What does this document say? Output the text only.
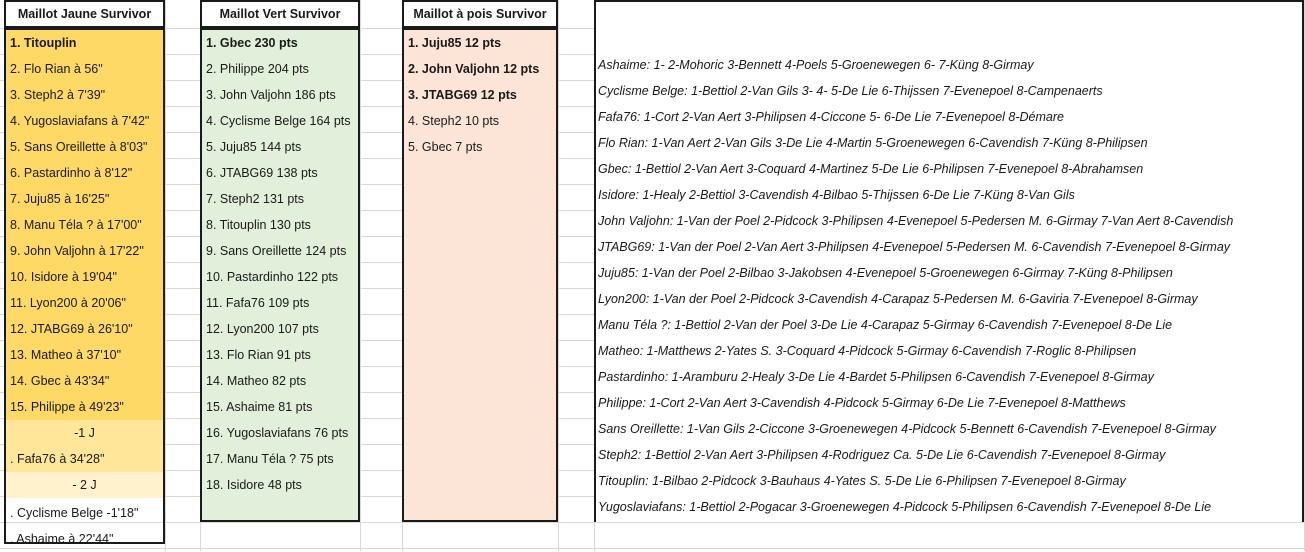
Maillot Jaune Survivor
1. Titouplin
2. Flo Rian à 56"
3. Steph2 à 7'39"
4. Yugoslaviafans à 7'42"
5. Sans Oreillette à 8'03"
6. Pastardinho à 8'12"
7. Juju85 à 16'25"
8. Manu Téla ? à 17'00"
9. John Valjohn à 17'22"
10. Isidore à 19'04"
11. Lyon200 à 20'06"
12. JTABG69 à 26'10"
13. Matheo à 37'10"
14. Gbec à 43'34"
15. Philippe à 49'23"
-1 J
. Fafa76 à 34'28"
- 2 J
. Cyclisme Belge -1'18"
. Ashaime à 22'44"
Maillot Vert Survivor
1. Gbec 230 pts
2. Philippe 204 pts
3. John Valjohn 186 pts
4. Cyclisme Belge 164 pts
5. Juju85 144 pts
6. JTABG69 138 pts
7. Steph2 131 pts
8. Titouplin 130 pts
9. Sans Oreillette 124 pts
10. Pastardinho 122 pts
11. Fafa76 109 pts
12. Lyon200 107 pts
13. Flo Rian 91 pts
14. Matheo 82 pts
15. Ashaime 81 pts
16. Yugoslaviafans 76 pts
17. Manu Téla ? 75 pts
18. Isidore 48 pts
Maillot à pois Survivor
1. Juju85 12 pts
2. John Valjohn 12 pts
3. JTABG69 12 pts
4. Steph2 10 pts
5. Gbec 7 pts
Ashaime: 1- 2-Mohoric 3-Bennett 4-Poels 5-Groenewegen 6- 7-Küng 8-Girmay
Cyclisme Belge: 1-Bettiol 2-Van Gils 3- 4- 5-De Lie 6-Thijssen 7-Evenepoel 8-Campenaerts
Fafa76: 1-Cort 2-Van Aert 3-Philipsen 4-Ciccone 5- 6-De Lie 7-Evenepoel 8-Démare
Flo Rian: 1-Van Aert 2-Van Gils 3-De Lie 4-Martin 5-Groenewegen 6-Cavendish 7-Küng 8-Philipsen
Gbec: 1-Bettiol 2-Van Aert 3-Coquard 4-Martinez 5-De Lie 6-Philipsen 7-Evenepoel 8-Abrahamsen
Isidore: 1-Healy 2-Bettiol 3-Cavendish 4-Bilbao 5-Thijssen 6-De Lie 7-Küng 8-Van Gils
John Valjohn: 1-Van der Poel 2-Pidcock 3-Philipsen 4-Evenepoel 5-Pedersen M. 6-Girmay 7-Van Aert 8-Cavendish
JTABG69: 1-Van der Poel 2-Van Aert 3-Philipsen 4-Evenepoel 5-Pedersen M. 6-Cavendish 7-Evenepoel 8-Girmay
Juju85: 1-Van der Poel 2-Bilbao 3-Jakobsen 4-Evenepoel 5-Groenewegen 6-Girmay 7-Küng 8-Philipsen
Lyon200: 1-Van der Poel 2-Pidcock 3-Cavendish 4-Carapaz 5-Pedersen M. 6-Gaviria 7-Evenepoel 8-Girmay
Manu Téla ?: 1-Bettiol 2-Van der Poel 3-De Lie 4-Carapaz 5-Girmay 6-Cavendish 7-Evenepoel 8-De Lie
Matheo: 1-Matthews 2-Yates S. 3-Coquard 4-Pidcock 5-Girmay 6-Cavendish 7-Roglic 8-Philipsen
Pastardinho: 1-Aramburu 2-Healy 3-De Lie 4-Bardet 5-Philipsen 6-Cavendish 7-Evenepoel 8-Girmay
Philippe: 1-Cort 2-Van Aert 3-Cavendish 4-Pidcock 5-Girmay 6-De Lie 7-Evenepoel 8-Matthews
Sans Oreillette: 1-Van Gils 2-Ciccone 3-Groenewegen 4-Pidcock 5-Bennett 6-Cavendish 7-Evenepoel 8-Girmay
Steph2: 1-Bettiol 2-Van Aert 3-Philipsen 4-Rodriguez Ca. 5-De Lie 6-Cavendish 7-Evenepoel 8-Girmay
Titouplin: 1-Bilbao 2-Pidcock 3-Bauhaus 4-Yates S. 5-De Lie 6-Philipsen 7-Evenepoel 8-Girmay
Yugoslaviafans: 1-Bettiol 2-Pogacar 3-Groenewegen 4-Pidcock 5-Philipsen 6-Cavendish 7-Evenepoel 8-De Lie
